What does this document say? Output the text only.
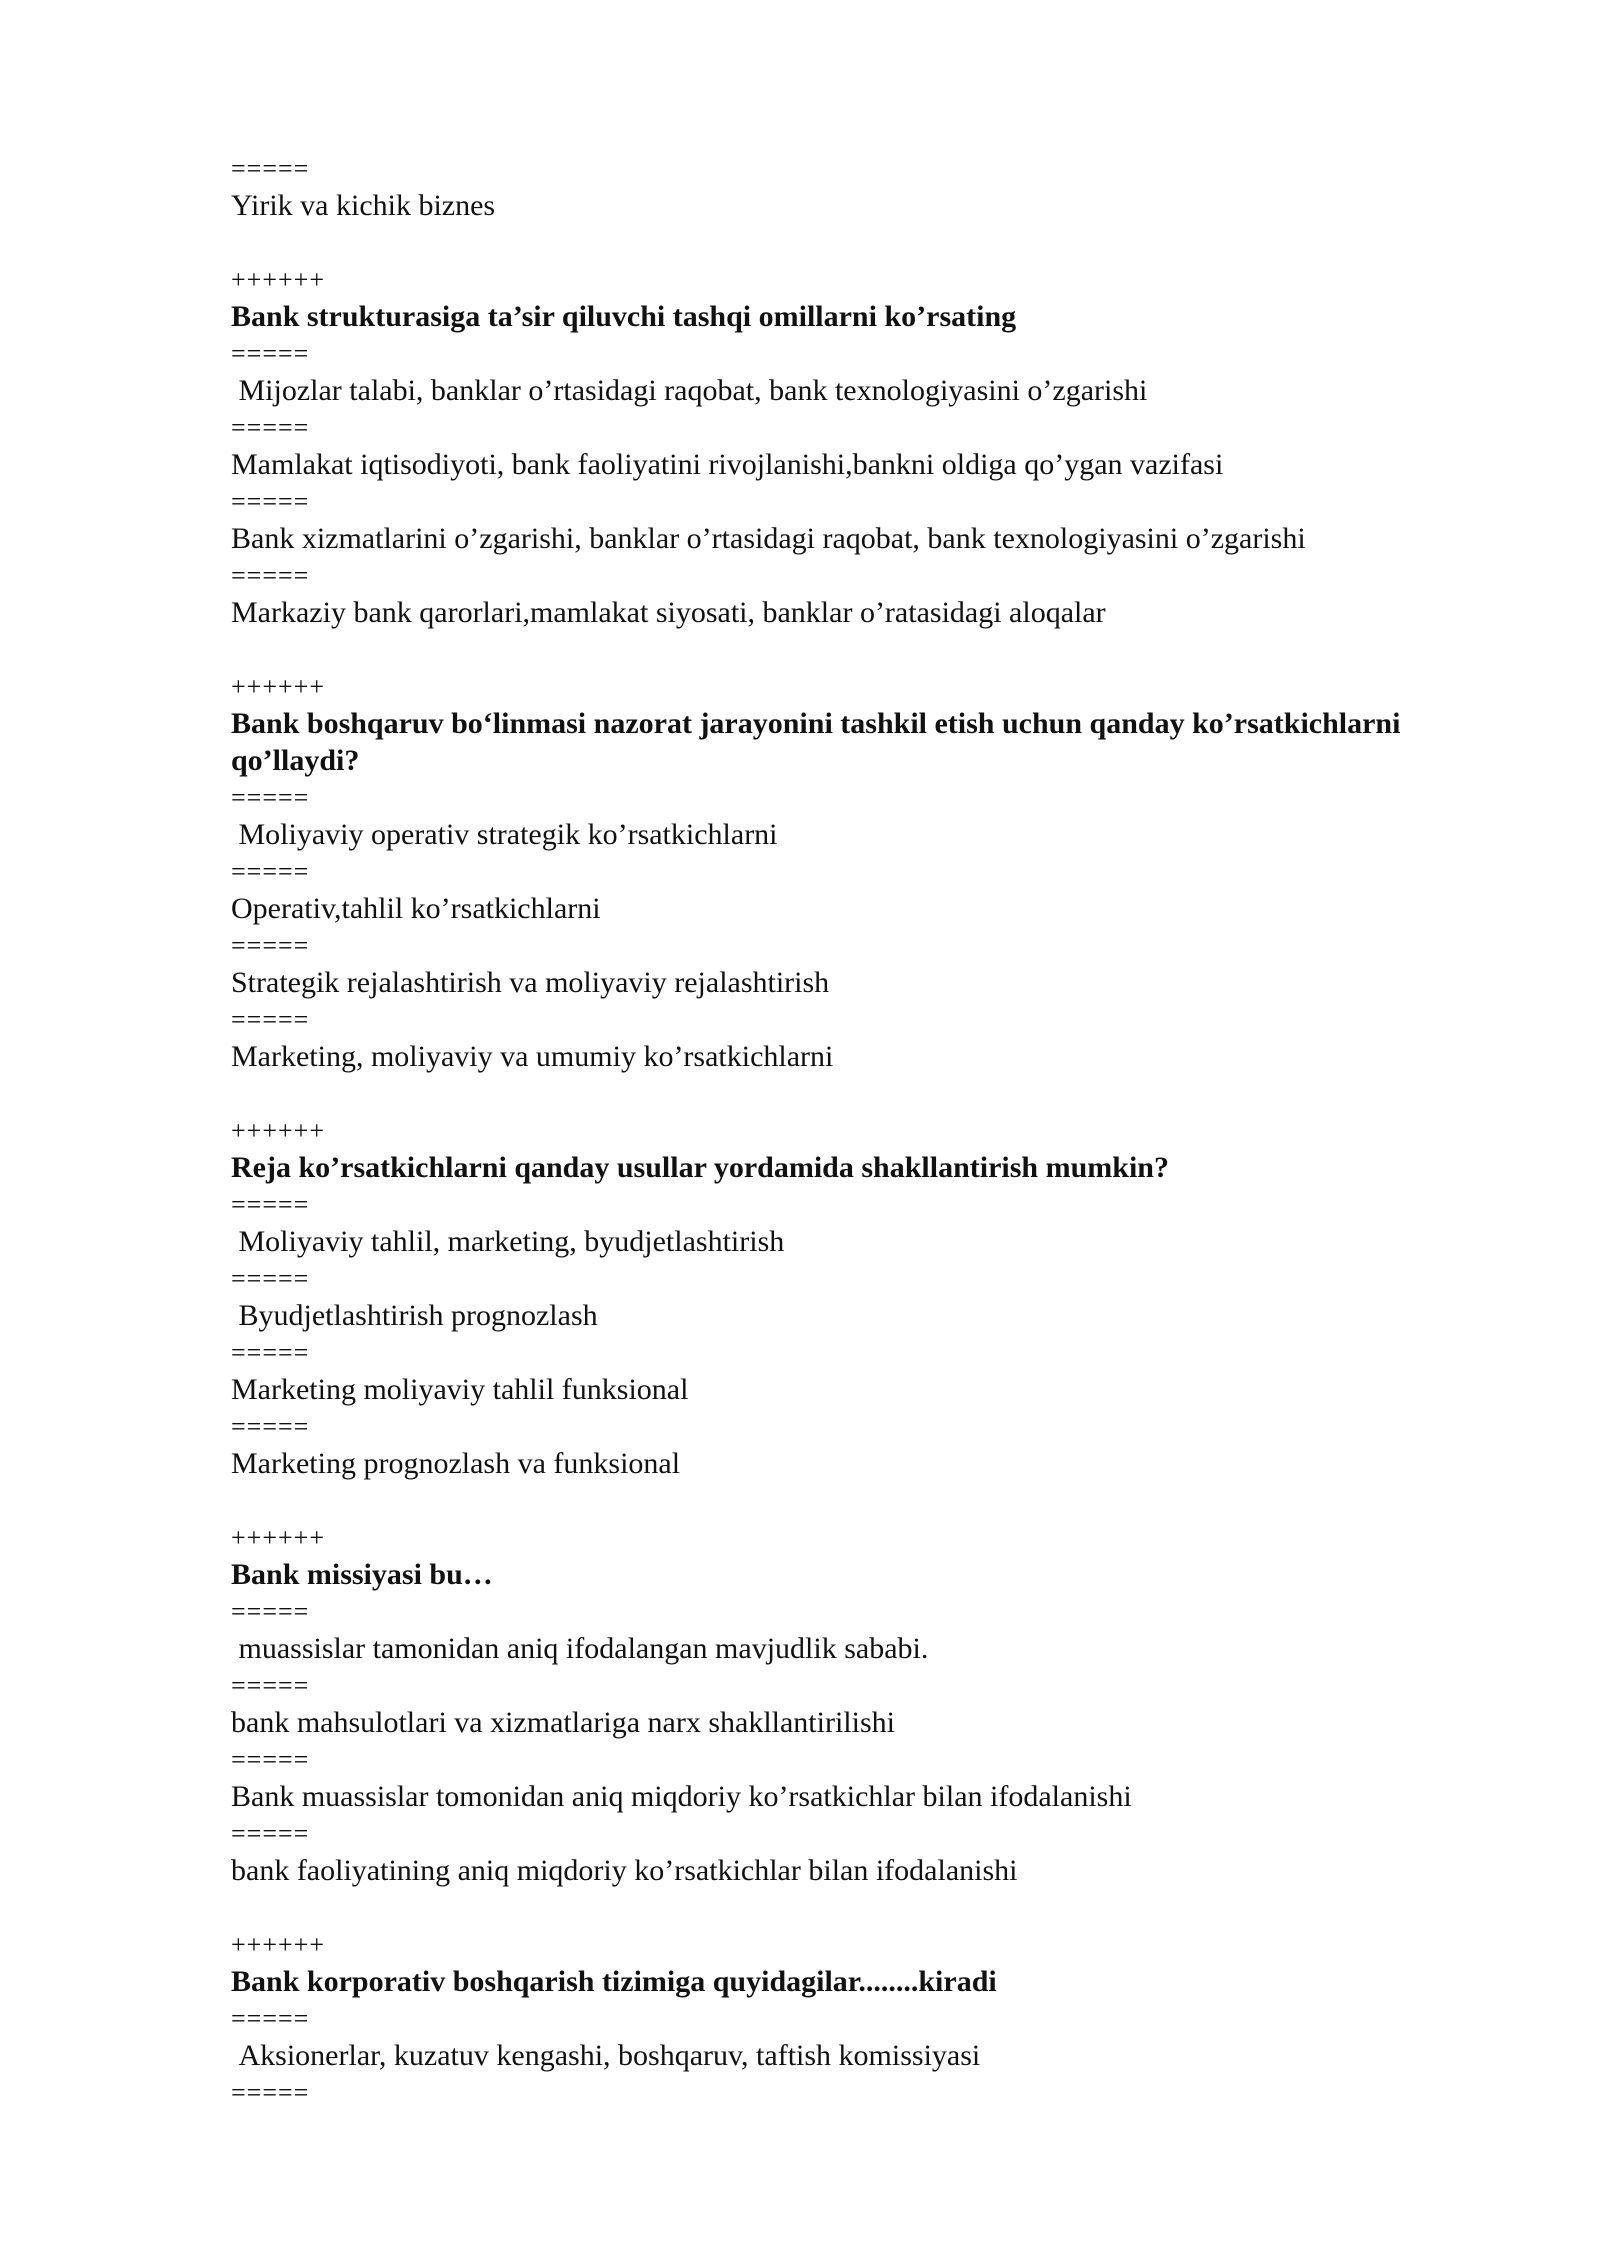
=====
Yirik va kichik biznes
++++++
Bank strukturasiga ta’sir qiluvchi tashqi omillarni ko’rsating
=====
Mijozlar talabi, banklar o’rtasidagi raqobat, bank texnologiyasini o’zgarishi
=====
Mamlakat iqtisodiyoti, bank faoliyatini rivojlanishi,bankni oldiga qo’ygan vazifasi
=====
Bank xizmatlarini o’zgarishi, banklar o’rtasidagi raqobat, bank texnologiyasini o’zgarishi
=====
Markaziy bank qarorlari,mamlakat siyosati, banklar o’ratasidagi aloqalar
++++++
Bank boshqaruv bo‘linmasi nazorat jarayonini tashkil etish uchun qanday ko’rsatkichlarni qo’llaydi?
=====
Moliyaviy operativ strategik ko’rsatkichlarni
=====
Operativ,tahlil ko’rsatkichlarni
=====
Strategik rejalashtirish va moliyaviy rejalashtirish
=====
Marketing, moliyaviy va umumiy ko’rsatkichlarni
++++++
Reja ko’rsatkichlarni qanday usullar yordamida shakllantirish mumkin?
=====
Moliyaviy tahlil, marketing, byudjetlashtirish
=====
Byudjetlashtirish prognozlash
=====
Marketing moliyaviy tahlil funksional
=====
Marketing prognozlash va funksional
++++++
Bank missiyasi bu…
=====
muassislar tamonidan aniq ifodalangan mavjudlik sababi.
=====
bank mahsulotlari va xizmatlariga narx shakllantirilishi
=====
Bank muassislar tomonidan aniq miqdoriy ko’rsatkichlar bilan ifodalanishi
=====
bank faoliyatining aniq miqdoriy ko’rsatkichlar bilan ifodalanishi
++++++
Bank korporativ boshqarish tizimiga quyidagilar........kiradi
=====
Aksionerlar, kuzatuv kengashi, boshqaruv, taftish komissiyasi
=====
